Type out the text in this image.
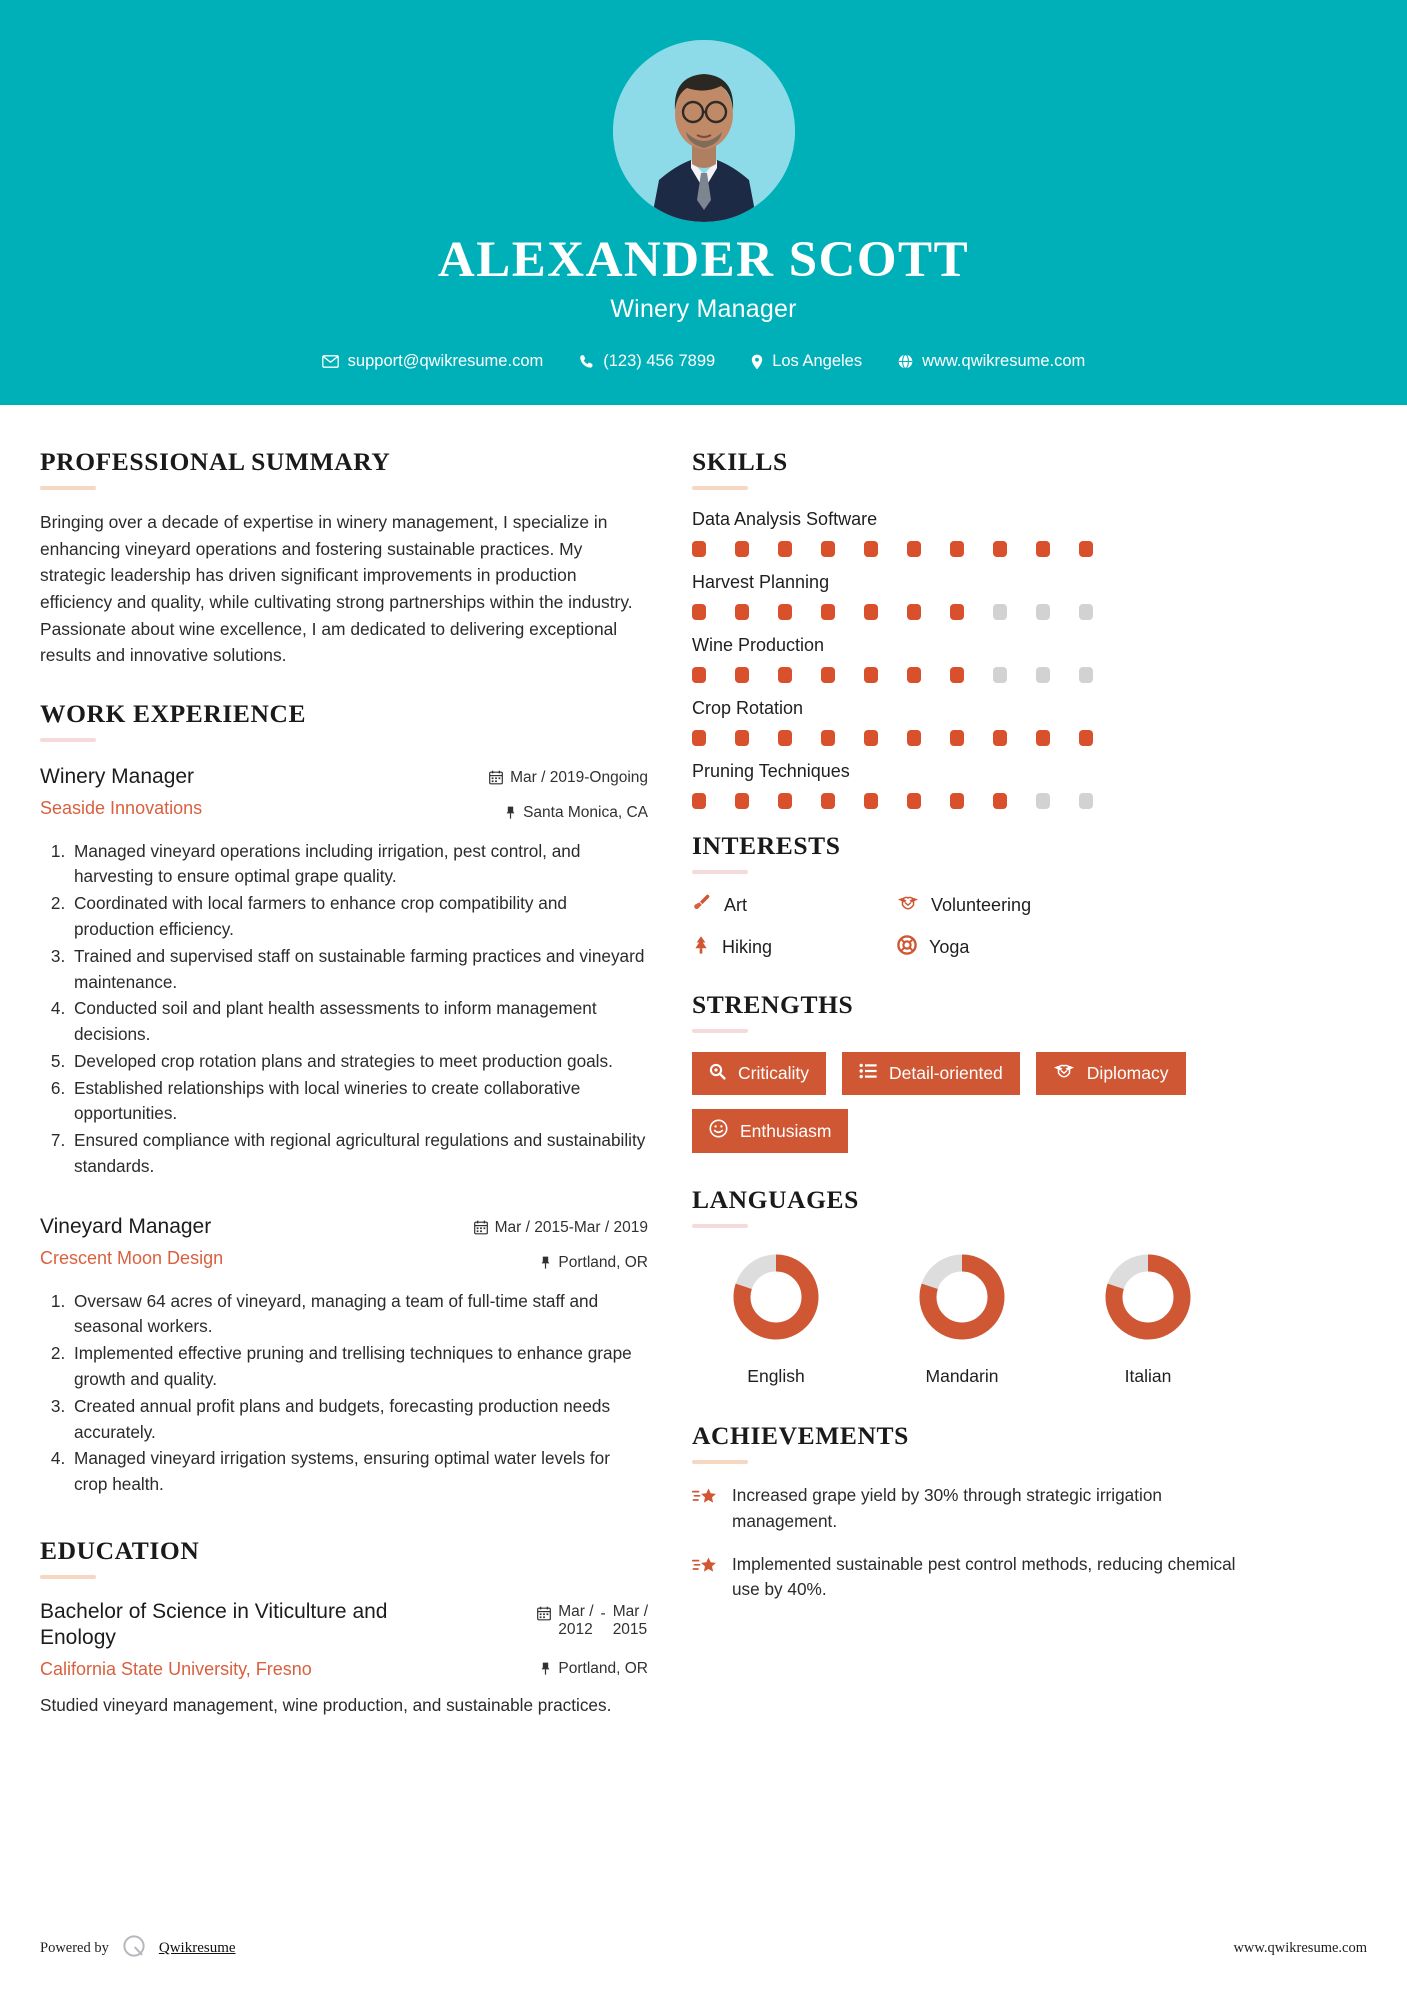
ALEXANDER SCOTT
Winery Manager
support@qwikresume.com	(123) 456 7899	Los Angeles	www.qwikresume.com
PROFESSIONAL SUMMARY
Bringing over a decade of expertise in winery management, I specialize in enhancing vineyard operations and fostering sustainable practices. My strategic leadership has driven significant improvements in production efficiency and quality, while cultivating strong partnerships within the industry. Passionate about wine excellence, I am dedicated to delivering exceptional results and innovative solutions.
WORK EXPERIENCE
Winery Manager
Seaside Innovations
Mar / 2019-Ongoing
Santa Monica, CA
1. Managed vineyard operations including irrigation, pest control, and harvesting to ensure optimal grape quality.
2. Coordinated with local farmers to enhance crop compatibility and production efficiency.
3. Trained and supervised staff on sustainable farming practices and vineyard maintenance.
4. Conducted soil and plant health assessments to inform management decisions.
5. Developed crop rotation plans and strategies to meet production goals.
6. Established relationships with local wineries to create collaborative opportunities.
7. Ensured compliance with regional agricultural regulations and sustainability standards.
Vineyard Manager
Crescent Moon Design
Mar / 2015-Mar / 2019
Portland, OR
1. Oversaw 64 acres of vineyard, managing a team of full-time staff and seasonal workers.
2. Implemented effective pruning and trellising techniques to enhance grape growth and quality.
3. Created annual profit plans and budgets, forecasting production needs accurately.
4. Managed vineyard irrigation systems, ensuring optimal water levels for crop health.
EDUCATION
Bachelor of Science in Viticulture and Enology
California State University, Fresno
Mar /
2012
- Mar /
2015
Portland, OR
Studied vineyard management, wine production, and sustainable practices.
SKILLS
Data Analysis Software
Harvest Planning
Wine Production
Crop Rotation
Pruning Techniques
INTERESTS
Art	Volunteering
Hiking	Yoga
STRENGTHS
Criticality	Detail-oriented	Diplomacy
Enthusiasm
LANGUAGES
English	Mandarin	Italian
ACHIEVEMENTS
Increased grape yield by 30% through strategic irrigation management.
Implemented sustainable pest control methods, reducing chemical use by 40%.
Powered by	Qwikresume	www.qwikresume.com
